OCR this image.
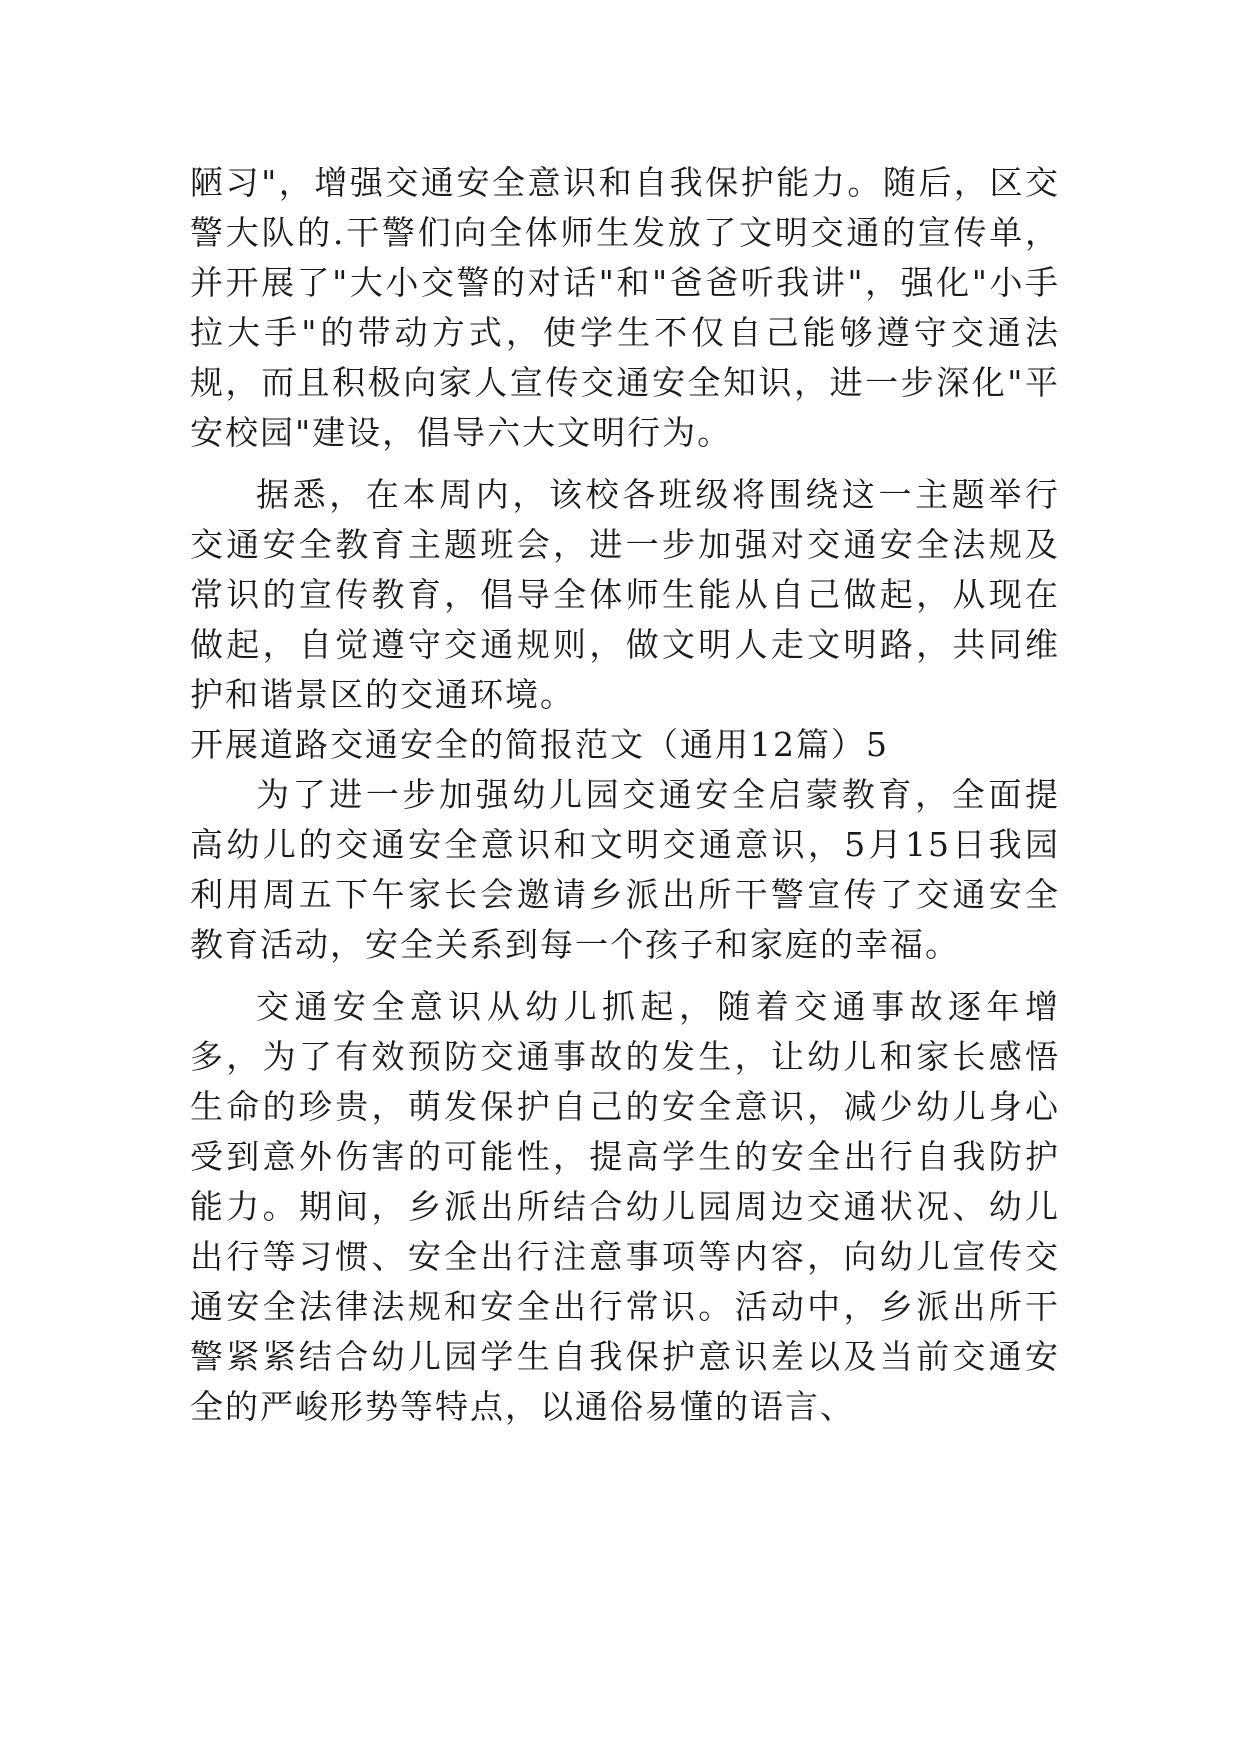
陋习"，增强交通安全意识和自我保护能力。随后，区交警大队的.干警们向全体师生发放了文明交通的宣传单，并开展了"大小交警的对话"和"爸爸听我讲"，强化"小手拉大手"的带动方式，使学生不仅自己能够遵守交通法规，而且积极向家人宣传交通安全知识，进一步深化"平安校园"建设，倡导六大文明行为。

据悉，在本周内，该校各班级将围绕这一主题举行交通安全教育主题班会，进一步加强对交通安全法规及常识的宣传教育，倡导全体师生能从自己做起，从现在做起，自觉遵守交通规则，做文明人走文明路，共同维护和谐景区的交通环境。

开展道路交通安全的简报范文（通用12篇）5

为了进一步加强幼儿园交通安全启蒙教育，全面提高幼儿的交通安全意识和文明交通意识，5月15日我园利用周五下午家长会邀请乡派出所干警宣传了交通安全教育活动，安全关系到每一个孩子和家庭的幸福。

交通安全意识从幼儿抓起，随着交通事故逐年增多，为了有效预防交通事故的发生，让幼儿和家长感悟生命的珍贵，萌发保护自己的安全意识，减少幼儿身心受到意外伤害的可能性，提高学生的安全出行自我防护能力。期间，乡派出所结合幼儿园周边交通状况、幼儿出行等习惯、安全出行注意事项等内容，向幼儿宣传交通安全法律法规和安全出行常识。活动中，乡派出所干警紧紧结合幼儿园学生自我保护意识差以及当前交通安全的严峻形势等特点，以通俗易懂的语言、
